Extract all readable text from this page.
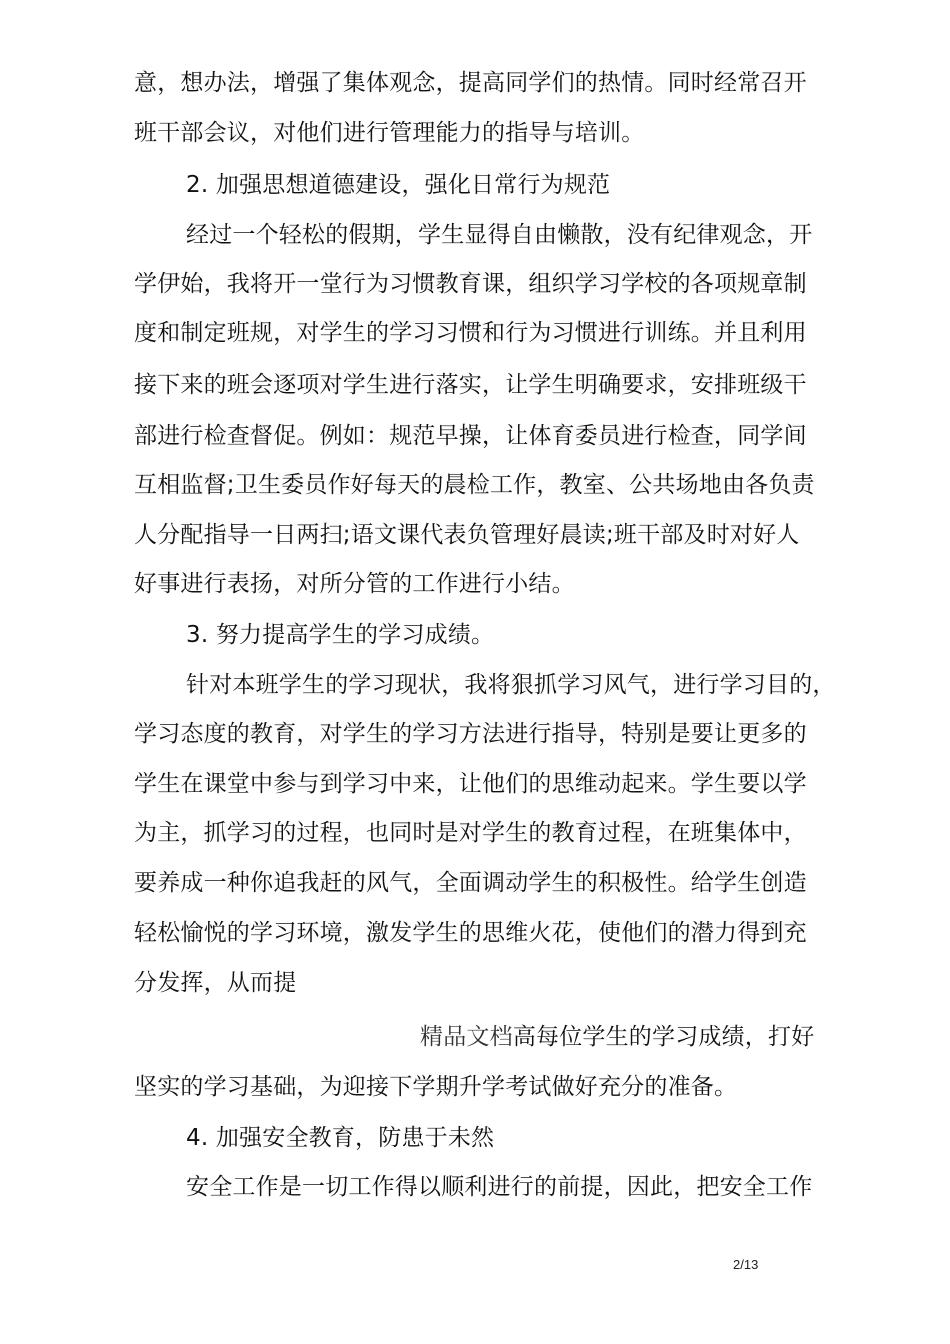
意，想办法，增强了集体观念，提高同学们的热情。同时经常召开
班干部会议，对他们进行管理能力的指导与培训。
2. 加强思想道德建设，强化日常行为规范
经过一个轻松的假期，学生显得自由懒散，没有纪律观念，开
学伊始，我将开一堂行为习惯教育课，组织学习学校的各项规章制
度和制定班规，对学生的学习习惯和行为习惯进行训练。并且利用
接下来的班会逐项对学生进行落实，让学生明确要求，安排班级干
部进行检查督促。例如：规范早操，让体育委员进行检查，同学间
互相监督;卫生委员作好每天的晨检工作，教室、公共场地由各负责
人分配指导一日两扫;语文课代表负管理好晨读;班干部及时对好人
好事进行表扬，对所分管的工作进行小结。
3. 努力提高学生的学习成绩。
针对本班学生的学习现状，我将狠抓学习风气，进行学习目的，
学习态度的教育，对学生的学习方法进行指导，特别是要让更多的
学生在课堂中参与到学习中来，让他们的思维动起来。学生要以学
为主，抓学习的过程，也同时是对学生的教育过程，在班集体中，
要养成一种你追我赶的风气，全面调动学生的积极性。给学生创造
轻松愉悦的学习环境，激发学生的思维火花，使他们的潜力得到充
分发挥，从而提
精品文档高每位学生的学习成绩，打好
坚实的学习基础，为迎接下学期升学考试做好充分的准备。
4. 加强安全教育，防患于未然
安全工作是一切工作得以顺利进行的前提，因此，把安全工作
2/13
